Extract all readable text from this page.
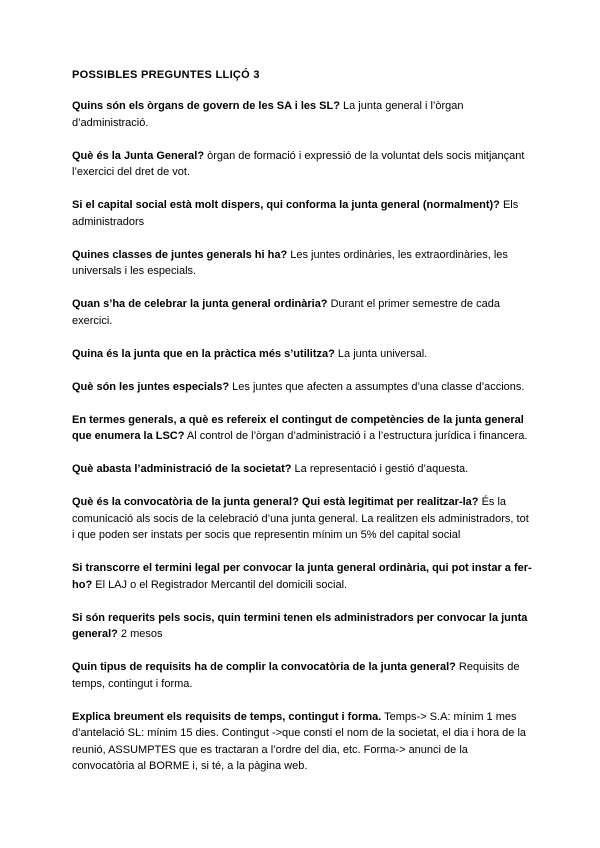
POSSIBLES PREGUNTES LLIÇÓ 3

Quins són els òrgans de govern de les SA i les SL? La junta general i l’òrgan d’administració.

Què és la Junta General? òrgan de formació i expressió de la voluntat dels socis mitjançant l’exercici del dret de vot.

Si el capital social està molt dispers, qui conforma la junta general (normalment)? Els administradors

Quines classes de juntes generals hi ha? Les juntes ordinàries, les extraordinàries, les universals i les especials.

Quan s’ha de celebrar la junta general ordinària? Durant el primer semestre de cada exercici.

Quina és la junta que en la pràctica més s’utilitza? La junta universal.

Què són les juntes especials? Les juntes que afecten a assumptes d’una classe d’accions.

En termes generals, a què es refereix el contingut de competències de la junta general que enumera la LSC? Al control de l’òrgan d’administració i a l’estructura jurídica i financera.

Què abasta l’administració de la societat? La representació i gestió d’aquesta.

Què és la convocatòria de la junta general? Qui està legitimat per realitzar-la? És la comunicació als socis de la celebració d’una junta general. La realitzen els administradors, tot i que poden ser instats per socis que representin mínim un 5% del capital social

Si transcorre el termini legal per convocar la junta general ordinària, qui pot instar a fer-ho? El LAJ o el Registrador Mercantil del domicili social.

Si són requerits pels socis, quin termini tenen els administradors per convocar la junta general? 2 mesos

Quin tipus de requisits ha de complir la convocatòria de la junta general? Requisits de temps, contingut i forma.

Explica breument els requisits de temps, contingut i forma. Temps-> S.A: mínim 1 mes d’antelació SL: mínim 15 dies. Contingut ->que consti el nom de la societat, el dia i hora de la reunió, ASSUMPTES que es tractaran a l’ordre del dia, etc. Forma-> anunci de la convocatòria al BORME i, si té, a la pàgina web.
